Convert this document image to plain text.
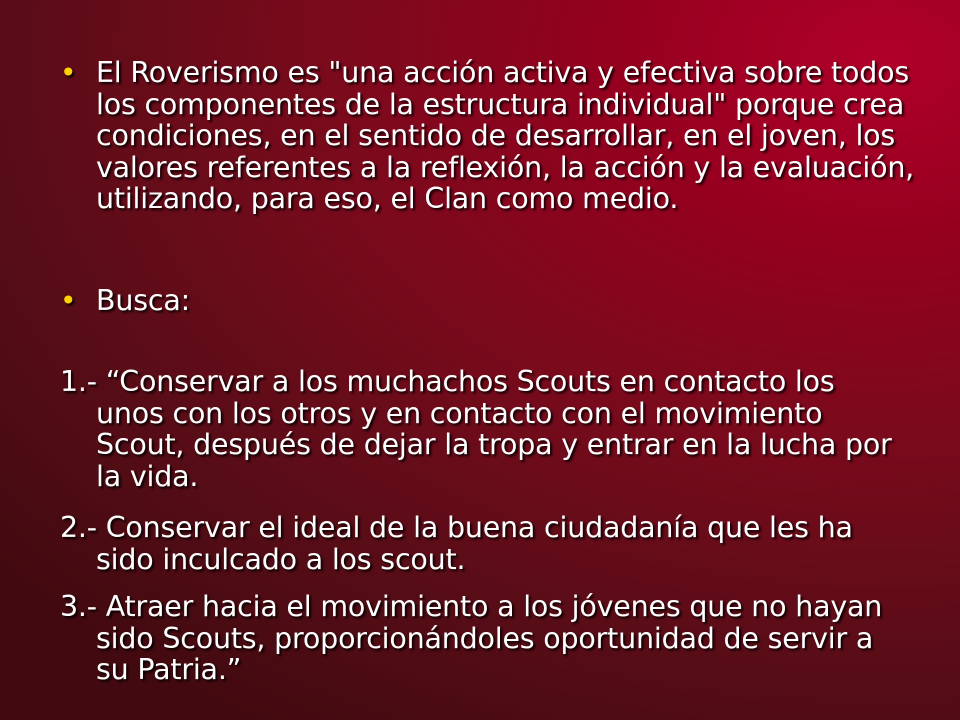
• El Roverismo es "una acción activa y efectiva sobre todos los componentes de la estructura individual" porque crea condiciones, en el sentido de desarrollar, en el joven, los valores referentes a la reflexión, la acción y la evaluación, utilizando, para eso, el Clan como medio.
• Busca:
1.- “Conservar a los muchachos Scouts en contacto los unos con los otros y en contacto con el movimiento Scout, después de dejar la tropa y entrar en la lucha por la vida.
2.- Conservar el ideal de la buena ciudadanía que les ha sido inculcado a los scout.
3.- Atraer hacia el movimiento a los jóvenes que no hayan sido Scouts, proporcionándoles oportunidad de servir a su Patria.”
